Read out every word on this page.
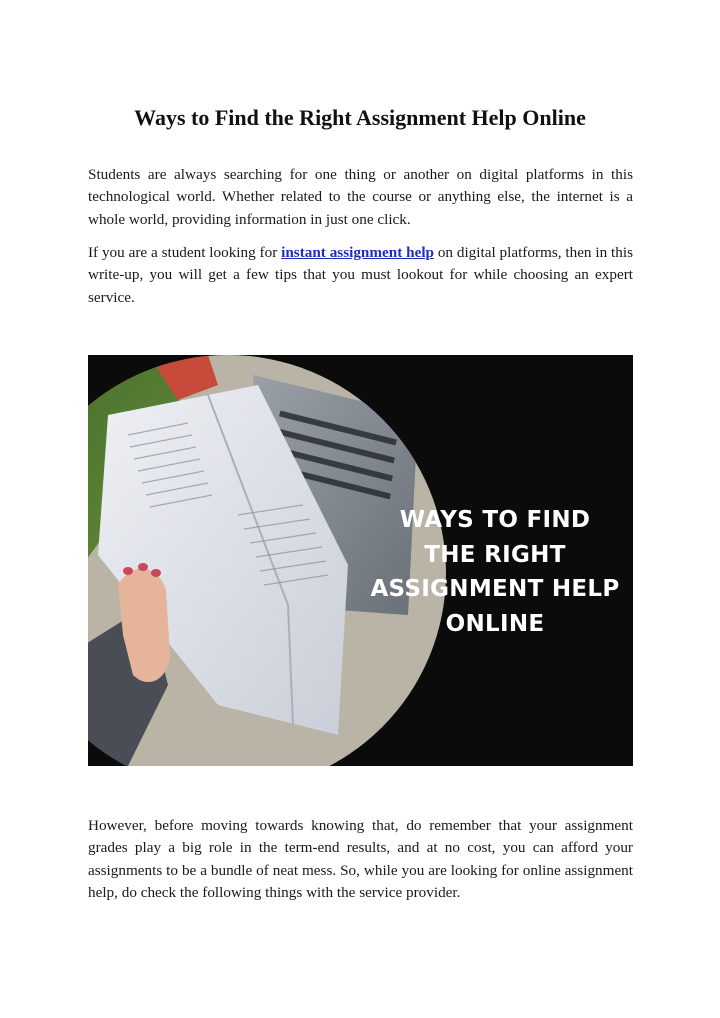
Ways to Find the Right Assignment Help Online

Students are always searching for one thing or another on digital platforms in this technological world. Whether related to the course or anything else, the internet is a whole world, providing information in just one click.

If you are a student looking for instant assignment help on digital platforms, then in this write-up, you will get a few tips that you must lookout for while choosing an expert service.

WAYS TO FIND
THE RIGHT
ASSIGNMENT HELP
ONLINE

However, before moving towards knowing that, do remember that your assignment grades play a big role in the term-end results, and at no cost, you can afford your assignments to be a bundle of neat mess. So, while you are looking for online assignment help, do check the following things with the service provider.
